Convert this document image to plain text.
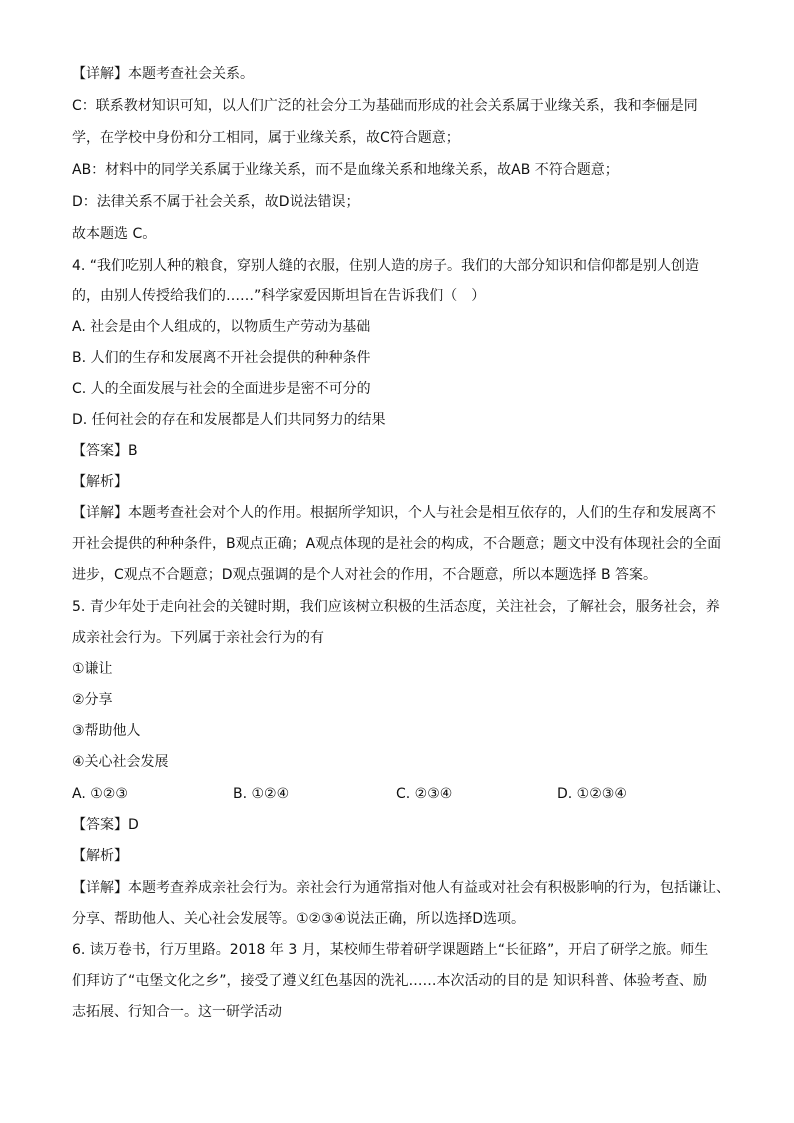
【详解】本题考查社会关系。
C：联系教材知识可知，以人们广泛的社会分工为基础而形成的社会关系属于业缘关系，我和李俪是同
学，在学校中身份和分工相同，属于业缘关系，故C符合题意；
AB：材料中的同学关系属于业缘关系，而不是血缘关系和地缘关系，故AB 不符合题意；
D：法律关系不属于社会关系，故D说法错误；
故本题选 C。
4. “我们吃别人种的粮食，穿别人缝的衣服，住别人造的房子。我们的大部分知识和信仰都是别人创造
的，由别人传授给我们的……”科学家爱因斯坦旨在告诉我们（　）
A. 社会是由个人组成的，以物质生产劳动为基础
B. 人们的生存和发展离不开社会提供的种种条件
C. 人的全面发展与社会的全面进步是密不可分的
D. 任何社会的存在和发展都是人们共同努力的结果
【答案】B
【解析】
【详解】本题考查社会对个人的作用。根据所学知识，个人与社会是相互依存的，人们的生存和发展离不
开社会提供的种种条件，B观点正确；A观点体现的是社会的构成，不合题意；题文中没有体现社会的全面
进步，C观点不合题意；D观点强调的是个人对社会的作用，不合题意，所以本题选择 B 答案。
5. 青少年处于走向社会的关键时期，我们应该树立积极的生活态度，关注社会，了解社会，服务社会，养
成亲社会行为。下列属于亲社会行为的有
①谦让
②分享
③帮助他人
④关心社会发展
A. ①②③	B. ①②④	C. ②③④	D. ①②③④
【答案】D
【解析】
【详解】本题考查养成亲社会行为。亲社会行为通常指对他人有益或对社会有积极影响的行为，包括谦让、
分享、帮助他人、关心社会发展等。①②③④说法正确，所以选择D选项。
6. 读万卷书，行万里路。2018 年 3 月，某校师生带着研学课题踏上“长征路”，开启了研学之旅。师生
们拜访了“屯堡文化之乡”，接受了遵义红色基因的洗礼……本次活动的目的是 知识科普、体验考查、励
志拓展、行知合一。这一研学活动
